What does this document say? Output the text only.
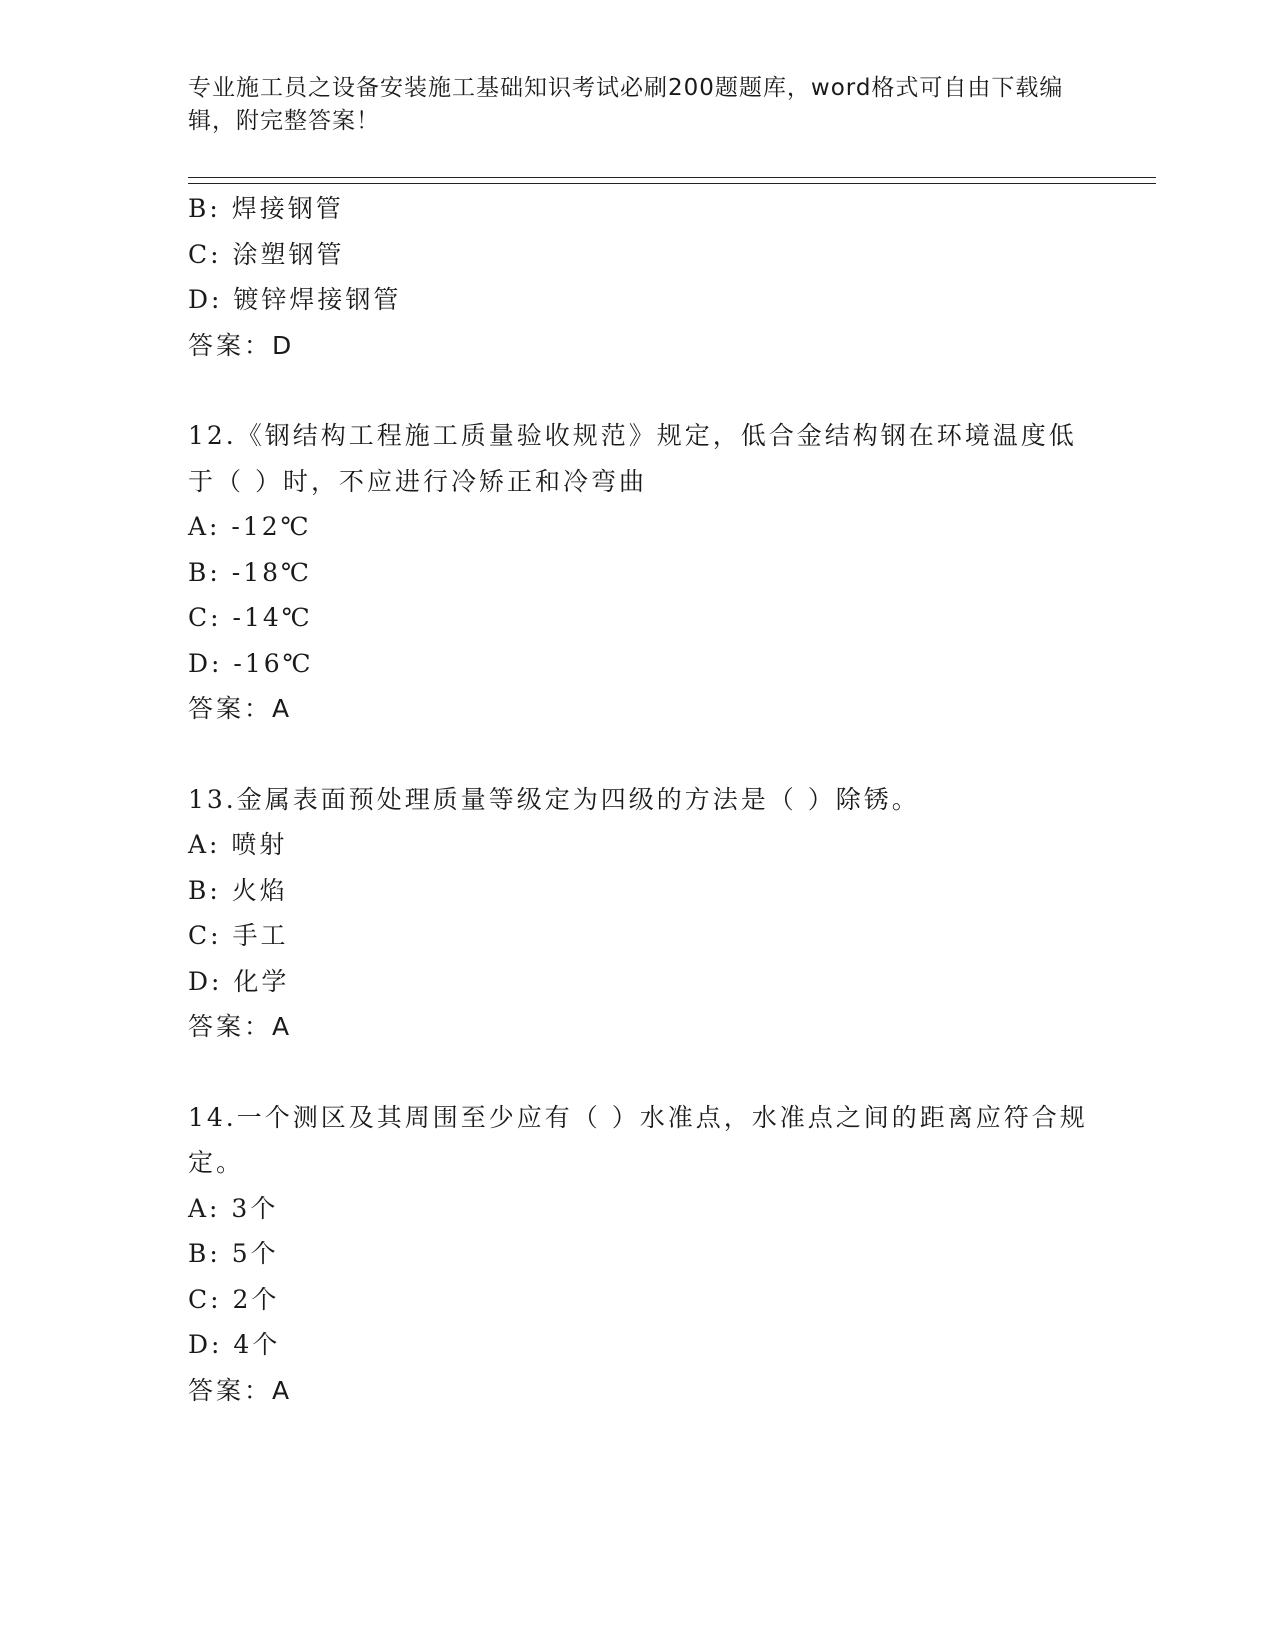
专业施工员之设备安装施工基础知识考试必刷200题题库，word格式可自由下载编辑，附完整答案！
B: 焊接钢管
C: 涂塑钢管
D: 镀锌焊接钢管
答案：D
12.《钢结构工程施工质量验收规范》规定，低合金结构钢在环境温度低于（ ）时，不应进行冷矫正和冷弯曲
A: -12℃
B: -18℃
C: -14℃
D: -16℃
答案：A
13.金属表面预处理质量等级定为四级的方法是（ ）除锈。
A: 喷射
B: 火焰
C: 手工
D: 化学
答案：A
14.一个测区及其周围至少应有（ ）水准点，水准点之间的距离应符合规定。
A: 3个
B: 5个
C: 2个
D: 4个
答案：A
